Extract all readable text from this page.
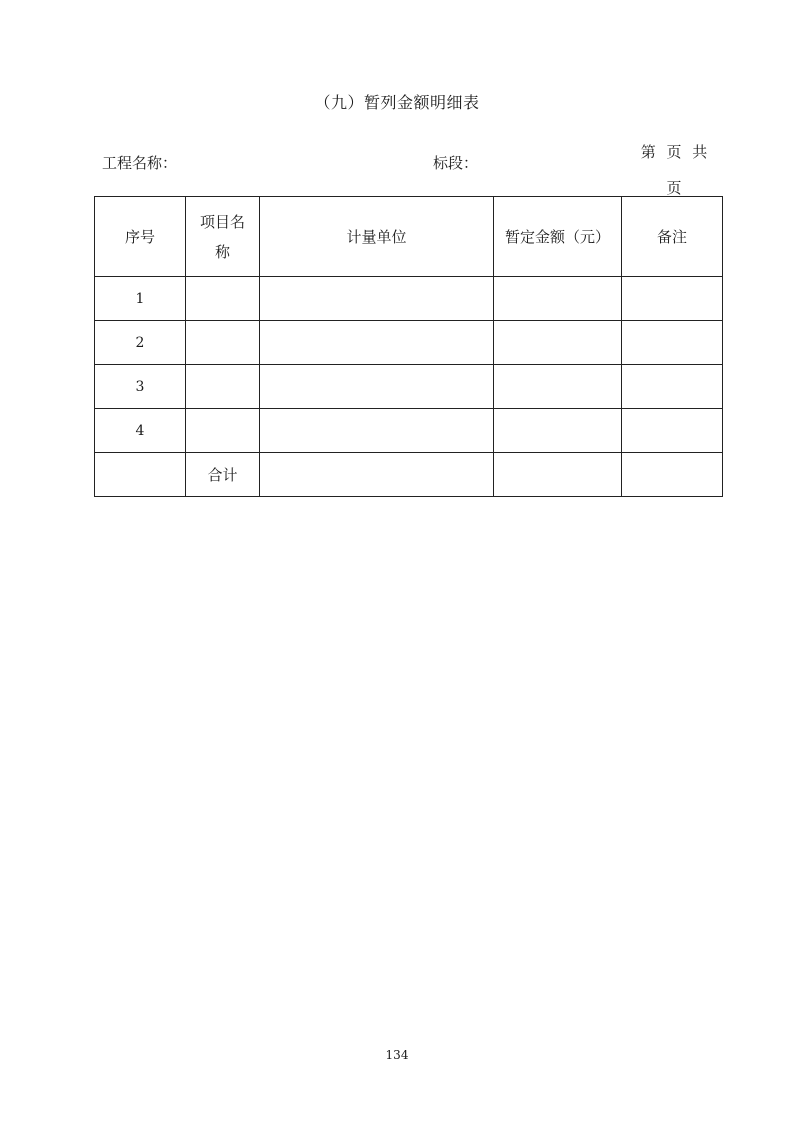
（九）暂列金额明细表
工程名称：	标段：
第 页 共
页
序号	项目名称	计量单位	暂定金额（元）	备注
1				
2				
3				
4				
	合计			
134
